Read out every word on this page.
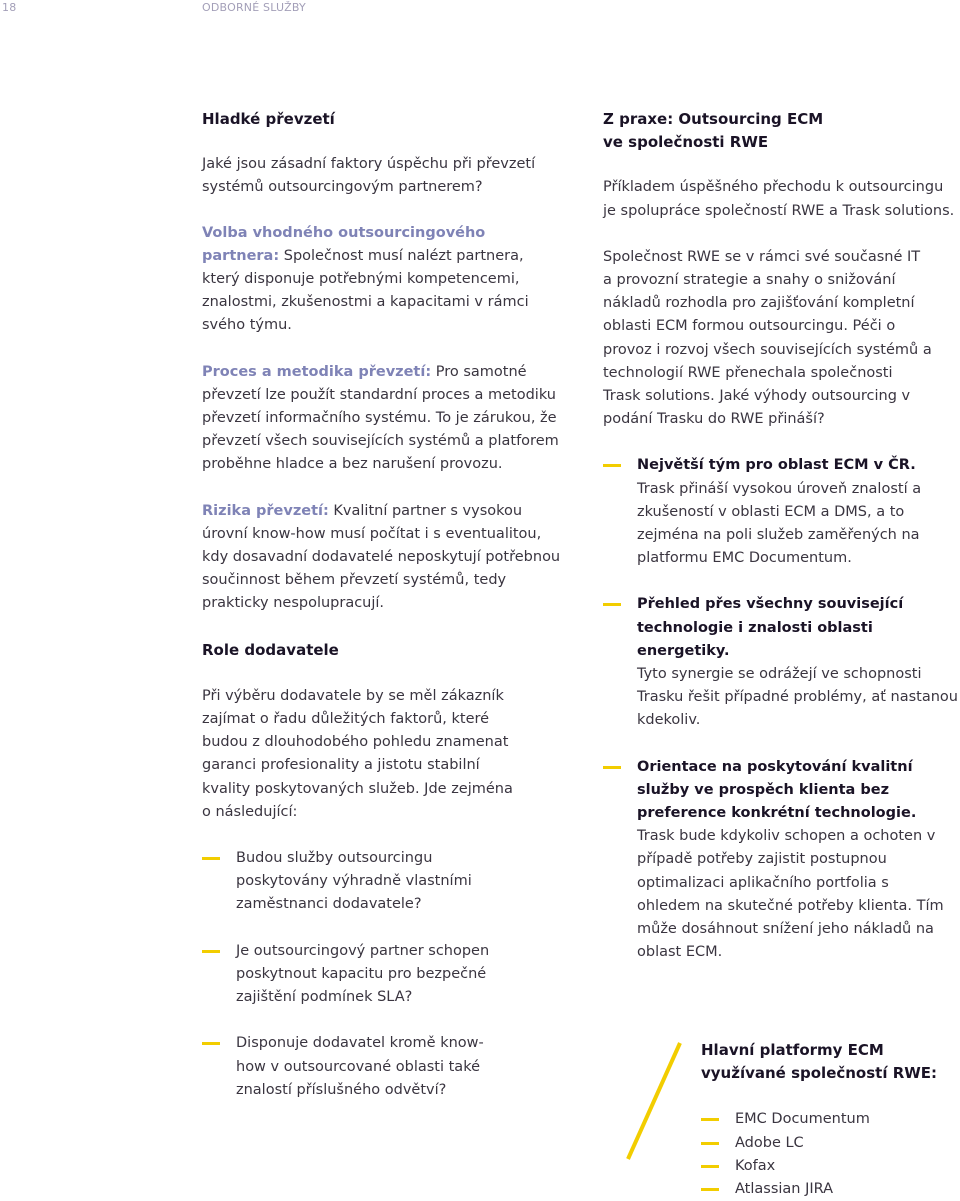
18	ODBORNÉ SLUŽBY

Hladké převzetí

Jaké jsou zásadní faktory úspěchu při převzetí systémů outsourcingovým partnerem?

Volba vhodného outsourcingového partnera: Společnost musí nalézt partnera, který disponuje potřebnými kompetencemi, znalostmi, zkušenostmi a kapacitami v rámci svého týmu.

Proces a metodika převzetí: Pro samotné převzetí lze použít standardní proces a metodiku převzetí informačního systému. To je zárukou, že převzetí všech souvisejících systémů a platforem proběhne hladce a bez narušení provozu.

Rizika převzetí: Kvalitní partner s vysokou úrovní know-how musí počítat i s eventualitou, kdy dosavadní dodavatelé neposkytují potřebnou součinnost během převzetí systémů, tedy prakticky nespolupracují.

Role dodavatele

Při výběru dodavatele by se měl zákazník zajímat o řadu důležitých faktorů, které budou z dlouhodobého pohledu znamenat garanci profesionality a jistotu stabilní kvality poskytovaných služeb. Jde zejména o následující:

Budou služby outsourcingu poskytovány výhradně vlastními zaměstnanci dodavatele?
Je outsourcingový partner schopen poskytnout kapacitu pro bezpečné zajištění podmínek SLA?
Disponuje dodavatel kromě know-how v outsourcované oblasti také znalostí příslušného odvětví?

Z praxe: Outsourcing ECM ve společnosti RWE

Příkladem úspěšného přechodu k outsourcingu je spolupráce společností RWE a Trask solutions.

Společnost RWE se v rámci své současné IT a provozní strategie a snahy o snižování nákladů rozhodla pro zajišťování kompletní oblasti ECM formou outsourcingu. Péči o provoz i rozvoj všech souvisejících systémů a technologií RWE přenechala společnosti Trask solutions. Jaké výhody outsourcing v podání Trasku do RWE přináší?

Největší tým pro oblast ECM v ČR.
Trask přináší vysokou úroveň znalostí a zkušeností v oblasti ECM a DMS, a to zejména na poli služeb zaměřených na platformu EMC Documentum.
Přehled přes všechny související technologie i znalosti oblasti energetiky.
Tyto synergie se odrážejí ve schopnosti Trasku řešit případné problémy, ať nastanou kdekoliv.
Orientace na poskytování kvalitní služby ve prospěch klienta bez preference konkrétní technologie.
Trask bude kdykoliv schopen a ochoten v případě potřeby zajistit postupnou optimalizaci aplikačního portfolia s ohledem na skutečné potřeby klienta. Tím může dosáhnout snížení jeho nákladů na oblast ECM.

Hlavní platformy ECM využívané společností RWE:

EMC Documentum
Adobe LC
Kofax
Atlassian JIRA
